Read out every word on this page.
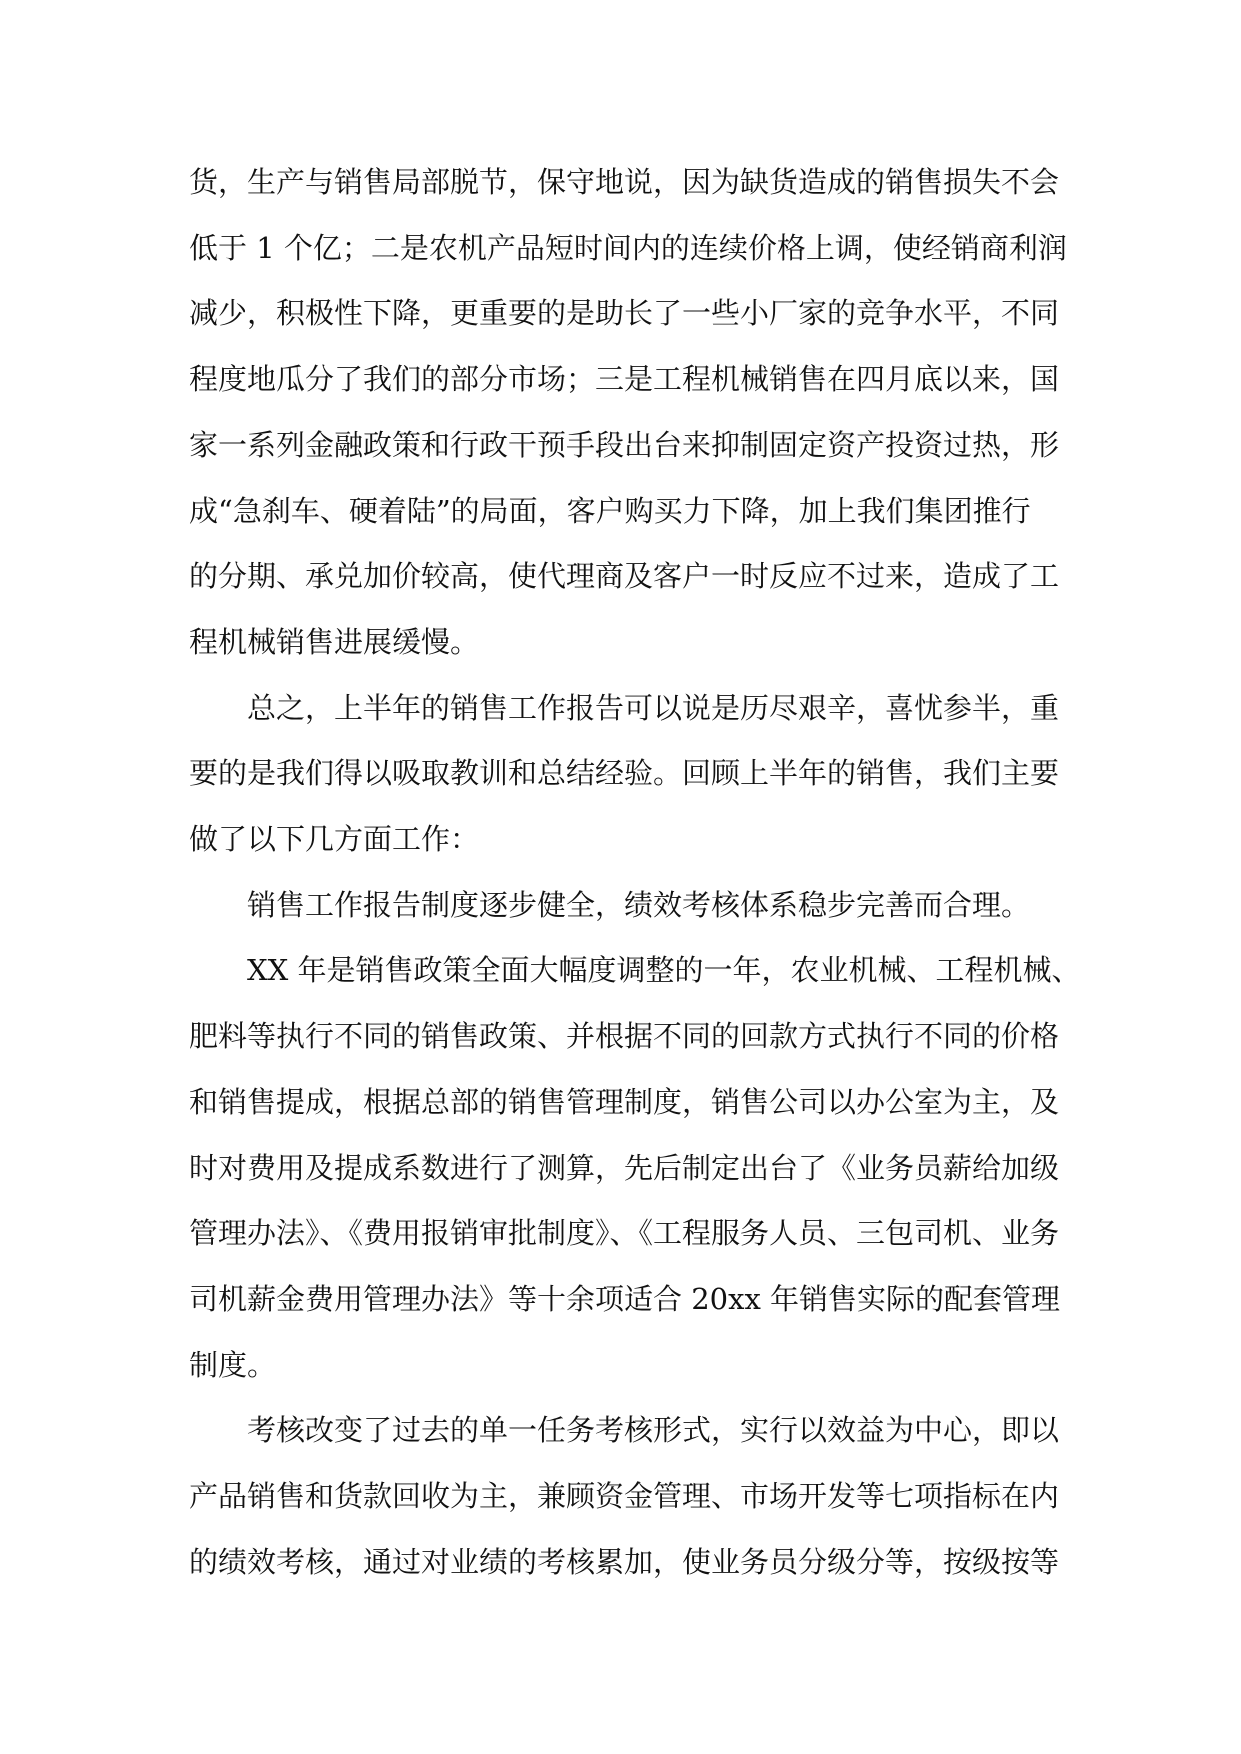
货，生产与销售局部脱节，保守地说，因为缺货造成的销售损失不会
低于 1 个亿；二是农机产品短时间内的连续价格上调，使经销商利润
减少，积极性下降，更重要的是助长了一些小厂家的竞争水平，不同
程度地瓜分了我们的部分市场；三是工程机械销售在四月底以来，国
家一系列金融政策和行政干预手段出台来抑制固定资产投资过热，形
成“急刹车、硬着陆”的局面，客户购买力下降，加上我们集团推行
的分期、承兑加价较高，使代理商及客户一时反应不过来，造成了工
程机械销售进展缓慢。

总之，上半年的销售工作报告可以说是历尽艰辛，喜忧参半，重
要的是我们得以吸取教训和总结经验。回顾上半年的销售，我们主要
做了以下几方面工作：

销售工作报告制度逐步健全，绩效考核体系稳步完善而合理。

XX 年是销售政策全面大幅度调整的一年，农业机械、工程机械、
肥料等执行不同的销售政策、并根据不同的回款方式执行不同的价格
和销售提成，根据总部的销售管理制度，销售公司以办公室为主，及
时对费用及提成系数进行了测算，先后制定出台了《业务员薪给加级
管理办法》、《费用报销审批制度》、《工程服务人员、三包司机、业务
司机薪金费用管理办法》等十余项适合 20xx 年销售实际的配套管理
制度。

考核改变了过去的单一任务考核形式，实行以效益为中心，即以
产品销售和货款回收为主，兼顾资金管理、市场开发等七项指标在内
的绩效考核，通过对业绩的考核累加，使业务员分级分等，按级按等
